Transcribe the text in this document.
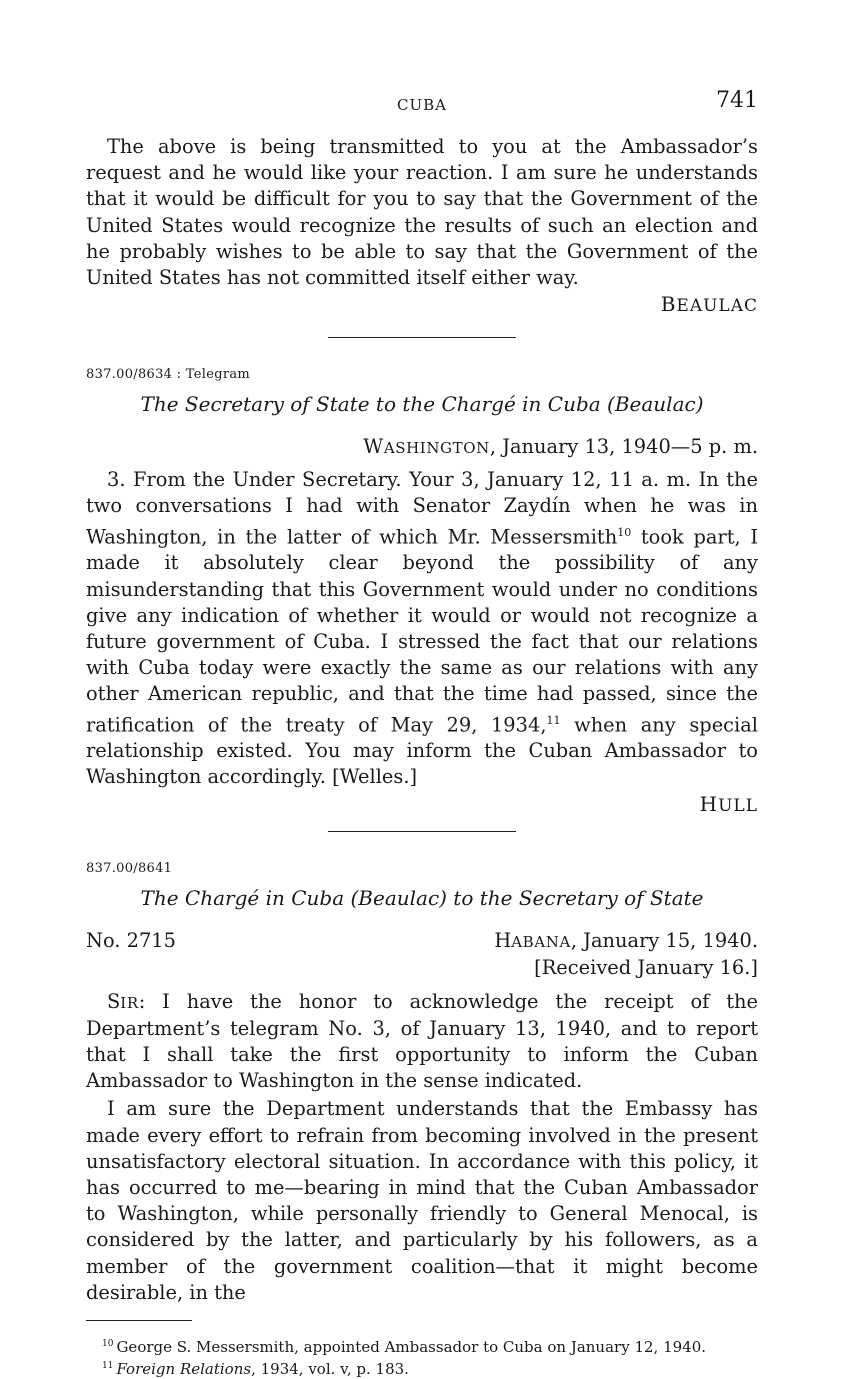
CUBA	741

The above is being transmitted to you at the Ambassador’s request and he would like your reaction. I am sure he understands that it would be difficult for you to say that the Government of the United States would recognize the results of such an election and he probably wishes to be able to say that the Government of the United States has not committed itself either way.

BEAULAC
837.00/8634 : Telegram
The Secretary of State to the Chargé in Cuba (Beaulac)
WASHINGTON, January 13, 1940—5 p. m.

3. From the Under Secretary. Your 3, January 12, 11 a. m. In the two conversations I had with Senator Zaydín when he was in Washington, in the latter of which Mr. Messersmith$^{10}$ took part, I made it absolutely clear beyond the possibility of any misunderstanding that this Government would under no conditions give any indication of whether it would or would not recognize a future government of Cuba. I stressed the fact that our relations with Cuba today were exactly the same as our relations with any other American republic, and that the time had passed, since the ratification of the treaty of May 29, 1934,11 when any special relationship existed. You may inform the Cuban Ambassador to Washington accordingly. [Welles.]

HULL
837.00/8641
The Chargé in Cuba (Beaulac) to the Secretary of State
No. 2715	HABANA, January 15, 1940.
[Received January 16.]

SIR: I have the honor to acknowledge the receipt of the Department’s telegram No. 3, of January 13, 1940, and to report that I shall take the first opportunity to inform the Cuban Ambassador to Washington in the sense indicated.

I am sure the Department understands that the Embassy has made every effort to refrain from becoming involved in the present unsatisfactory electoral situation. In accordance with this policy, it has occurred to me—bearing in mind that the Cuban Ambassador to Washington, while personally friendly to General Menocal, is considered by the latter, and particularly by his followers, as a member of the government coalition—that it might become desirable, in the

$^{10}$ George S. Messersmith, appointed Ambassador to Cuba on January 12, 1940.
$^{11}$ Foreign Relations, 1934, vol. v, p. 183.
